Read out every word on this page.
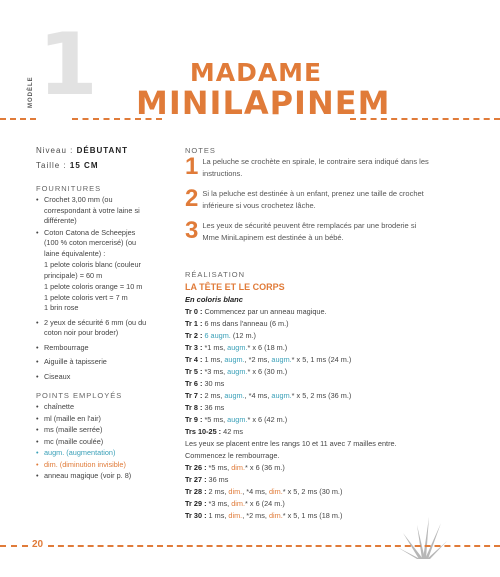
1
MODÈLE
MADAME
MINILAPINEM
Niveau : DÉBUTANT
Taille : 15 CM
FOURNITURES
• Crochet 3,00 mm (ou correspondant à votre laine si différente)
• Coton Catona de Scheepjes (100 % coton mercerisé) (ou laine équivalente) :
1 pelote coloris blanc (couleur principale) = 60 m
1 pelote coloris orange = 10 m
1 pelote coloris vert = 7 m
1 brin rose
• 2 yeux de sécurité 6 mm (ou du coton noir pour broder)
• Rembourrage
• Aiguille à tapisserie
• Ciseaux
POINTS EMPLOYÉS
• chaînette
• ml (maille en l'air)
• ms (maille serrée)
• mc (maille coulée)
• augm. (augmentation)
• dim. (diminution invisible)
• anneau magique (voir p. 8)
NOTES
1 La peluche se crochète en spirale, le contraire sera indiqué dans les instructions.
2 Si la peluche est destinée à un enfant, prenez une taille de crochet inférieure si vous crochetez lâche.
3 Les yeux de sécurité peuvent être remplacés par une broderie si Mme MiniLapinem est destinée à un bébé.
RÉALISATION
LA TÊTE ET LE CORPS
En coloris blanc
Tr 0 : Commencez par un anneau magique.
Tr 1 : 6 ms dans l'anneau (6 m.)
Tr 2 : 6 augm. (12 m.)
Tr 3 : *1 ms, augm.* x 6 (18 m.)
Tr 4 : 1 ms, augm., *2 ms, augm.* x 5, 1 ms (24 m.)
Tr 5 : *3 ms, augm.* x 6 (30 m.)
Tr 6 : 30 ms
Tr 7 : 2 ms, augm., *4 ms, augm.* x 5, 2 ms (36 m.)
Tr 8 : 36 ms
Tr 9 : *5 ms, augm.* x 6 (42 m.)
Trs 10-25 : 42 ms
Les yeux se placent entre les rangs 10 et 11 avec 7 mailles entre.
Commencez le rembourrage.
Tr 26 : *5 ms, dim.* x 6 (36 m.)
Tr 27 : 36 ms
Tr 28 : 2 ms, dim., *4 ms, dim.* x 5, 2 ms (30 m.)
Tr 29 : *3 ms, dim.* x 6 (24 m.)
Tr 30 : 1 ms, dim., *2 ms, dim.* x 5, 1 ms (18 m.)
20
